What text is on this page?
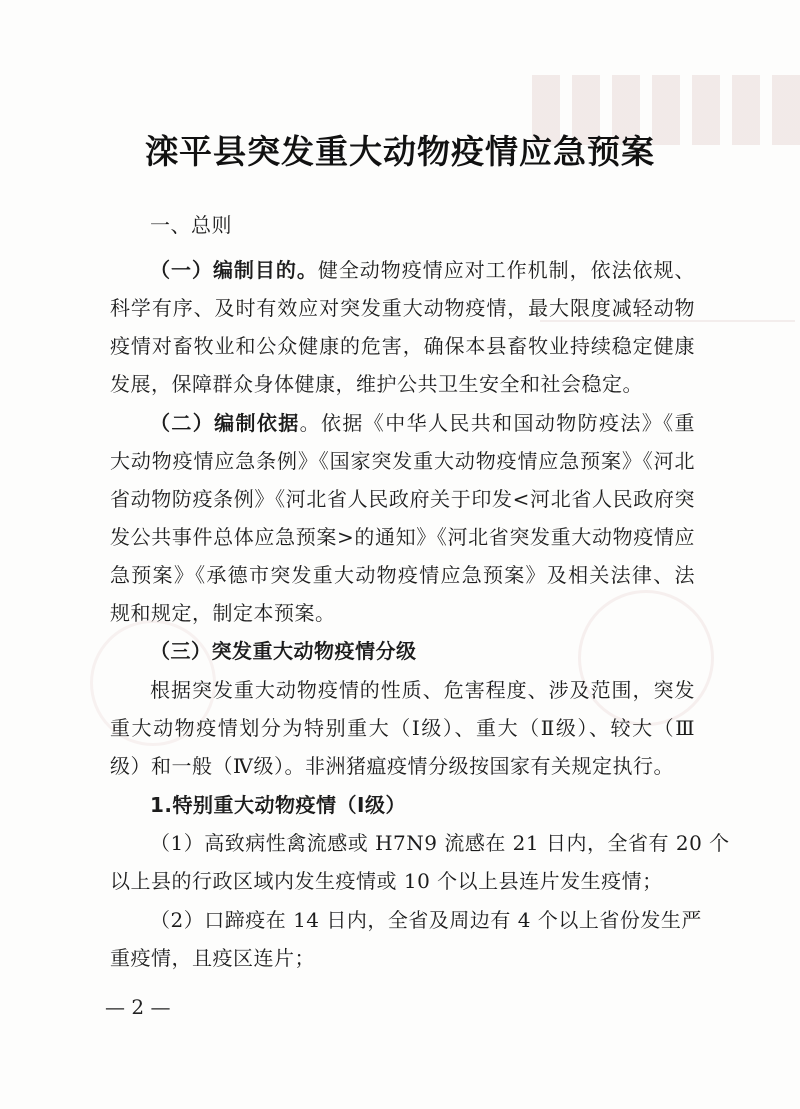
滦平县突发重大动物疫情应急预案
一、总则
（一）编制目的。健全动物疫情应对工作机制，依法依规、
科学有序、及时有效应对突发重大动物疫情，最大限度减轻动物
疫情对畜牧业和公众健康的危害，确保本县畜牧业持续稳定健康
发展，保障群众身体健康，维护公共卫生安全和社会稳定。
（二）编制依据。依据《中华人民共和国动物防疫法》《重
大动物疫情应急条例》《国家突发重大动物疫情应急预案》《河北
省动物防疫条例》《河北省人民政府关于印发<河北省人民政府突
发公共事件总体应急预案>的通知》《河北省突发重大动物疫情应
急预案》《承德市突发重大动物疫情应急预案》及相关法律、法
规和规定，制定本预案。
（三）突发重大动物疫情分级
根据突发重大动物疫情的性质、危害程度、涉及范围，突发
重大动物疫情划分为特别重大（Ⅰ级）、重大（Ⅱ级）、较大（Ⅲ
级）和一般（Ⅳ级）。非洲猪瘟疫情分级按国家有关规定执行。
1.特别重大动物疫情（Ⅰ级）
（1）高致病性禽流感或 H7N9 流感在 21 日内，全省有 20 个
以上县的行政区域内发生疫情或 10 个以上县连片发生疫情；
（2）口蹄疫在 14 日内，全省及周边有 4 个以上省份发生严
重疫情，且疫区连片；
— 2 —
